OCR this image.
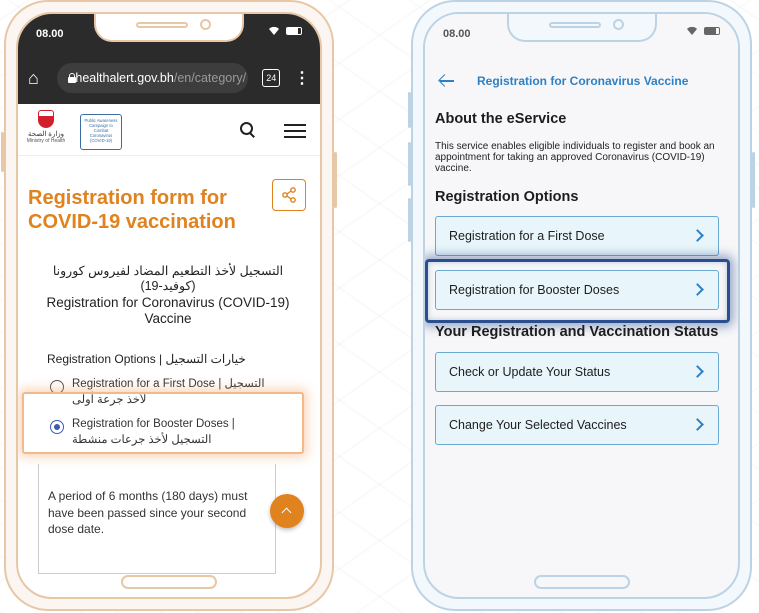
08.00
⌂	healthalert.gov.bh /en/category/	24 ⋮
وزارة الصحة
Ministry of Health
Public Awareness Campaign to Combat Coronavirus (COVID-19)
Registration form for COVID-19 vaccination
التسجيل لأخذ التطعيم المضاد لفيروس كورونا (كوفيد-19)
Registration for Coronavirus (COVID-19) Vaccine
Registration Options | خيارات التسجيل
Registration for a First Dose | التسجيل
لأخذ جرعة أولى
Registration for Booster Doses |
التسجيل لأخذ جرعات منشطة
A period of 6 months (180 days) must have been passed since your second dose date.
08.00
Registration for Coronavirus Vaccine
About the eService
This service enables eligible individuals to register and book an appointment for taking an approved Coronavirus (COVID-19) vaccine.
Registration Options
Registration for a First Dose
Registration for Booster Doses
Your Registration and Vaccination Status
Check or Update Your Status
Change Your Selected Vaccines
